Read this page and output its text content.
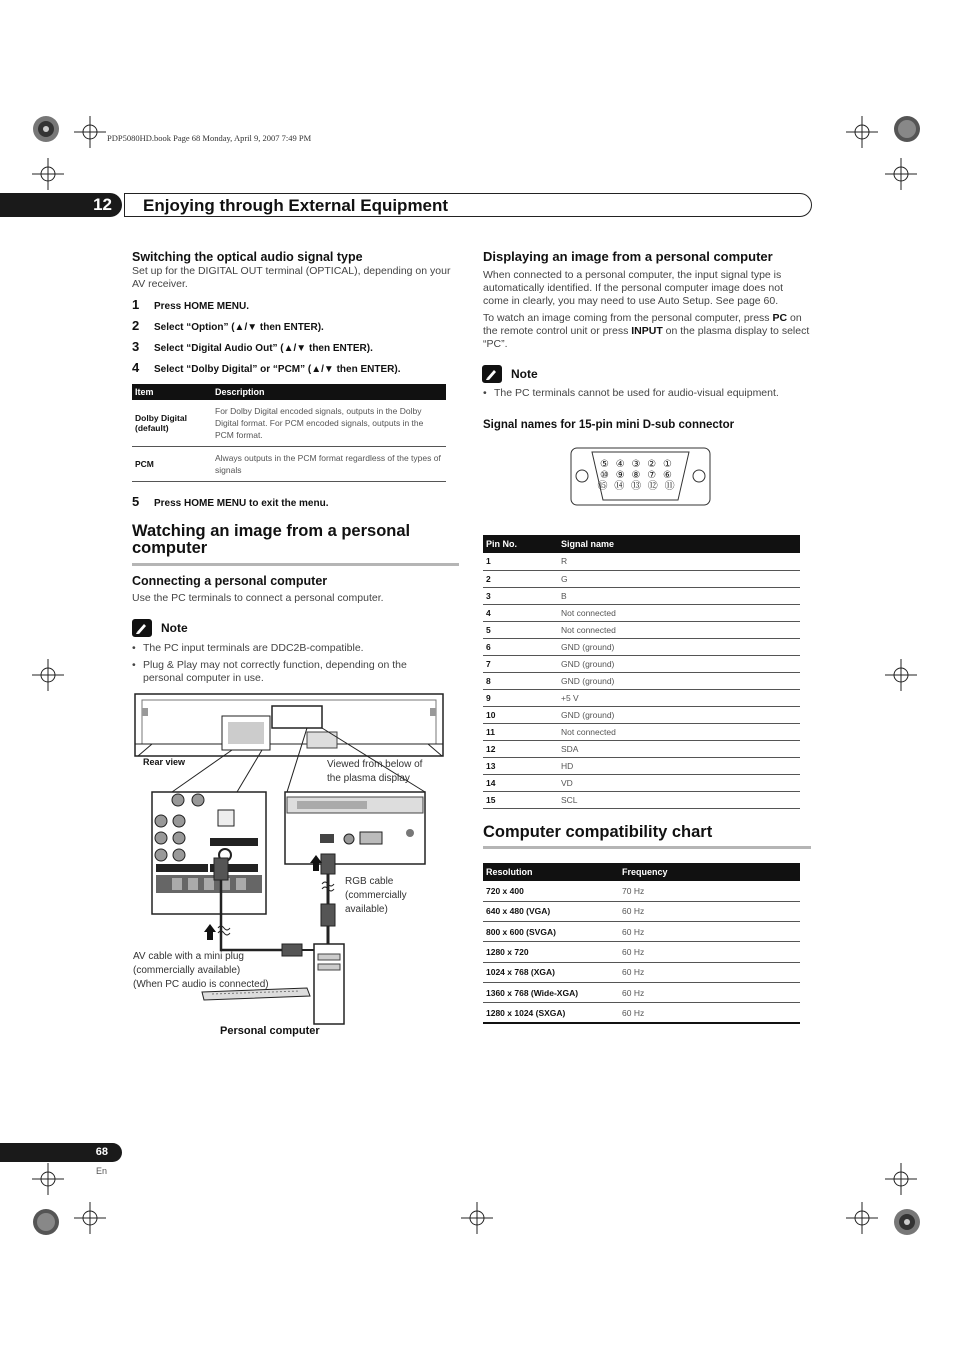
PDP5080HD.book Page 68 Monday, April 9, 2007 7:49 PM
12	Enjoying through External Equipment
Switching the optical audio signal type

Set up for the DIGITAL OUT terminal (OPTICAL), depending on your AV receiver.

1 Press HOME MENU.
2 Select “Option” (▲/▼ then ENTER).
3 Select “Digital Audio Out” (▲/▼ then ENTER).
4 Select “Dolby Digital” or “PCM” (▲/▼ then ENTER).
Item	Description
Dolby Digital (default)	For Dolby Digital encoded signals, outputs in the Dolby Digital format. For PCM encoded signals, outputs in the PCM format.
PCM	Always outputs in the PCM format regardless of the types of signals
5 Press HOME MENU to exit the menu.
Watching an image from a personal
computer
Connecting a personal computer

Use the PC terminals to connect a personal computer.

Note
• The PC input terminals are DDC2B-compatible.
• Plug & Play may not correctly function, depending on the personal computer in use.
Rear view	Viewed from below of
the plasma display
RGB cable
(commercially
available)
AV cable with a mini plug
(commercially available)
(When PC audio is connected)
Personal computer
Displaying an image from a personal computer

When connected to a personal computer, the input signal type is automatically identified. If the personal computer image does not come in clearly, you may need to use Auto Setup. See page 60.

To watch an image coming from the personal computer, press PC on the remote control unit or press INPUT on the plasma display to select “PC”.

Note
• The PC terminals cannot be used for audio-visual equipment.
Signal names for 15-pin mini D-sub connector
⑤ ④ ③ ② ①
⑩ ⑨ ⑧ ⑦ ⑥
⑮ ⑭ ⑬ ⑫ ⑪
Pin No.	Signal name
1	R
2	G
3	B
4	Not connected
5	Not connected
6	GND (ground)
7	GND (ground)
8	GND (ground)
9	+5 V
10	GND (ground)
11	Not connected
12	SDA
13	HD
14	VD
15	SCL
Computer compatibility chart
Resolution	Frequency
720 x 400	70 Hz
640 x 480 (VGA)	60 Hz
800 x 600 (SVGA)	60 Hz
1280 x 720	60 Hz
1024 x 768 (XGA)	60 Hz
1360 x 768 (Wide-XGA)	60 Hz
1280 x 1024 (SXGA)	60 Hz
68
En
